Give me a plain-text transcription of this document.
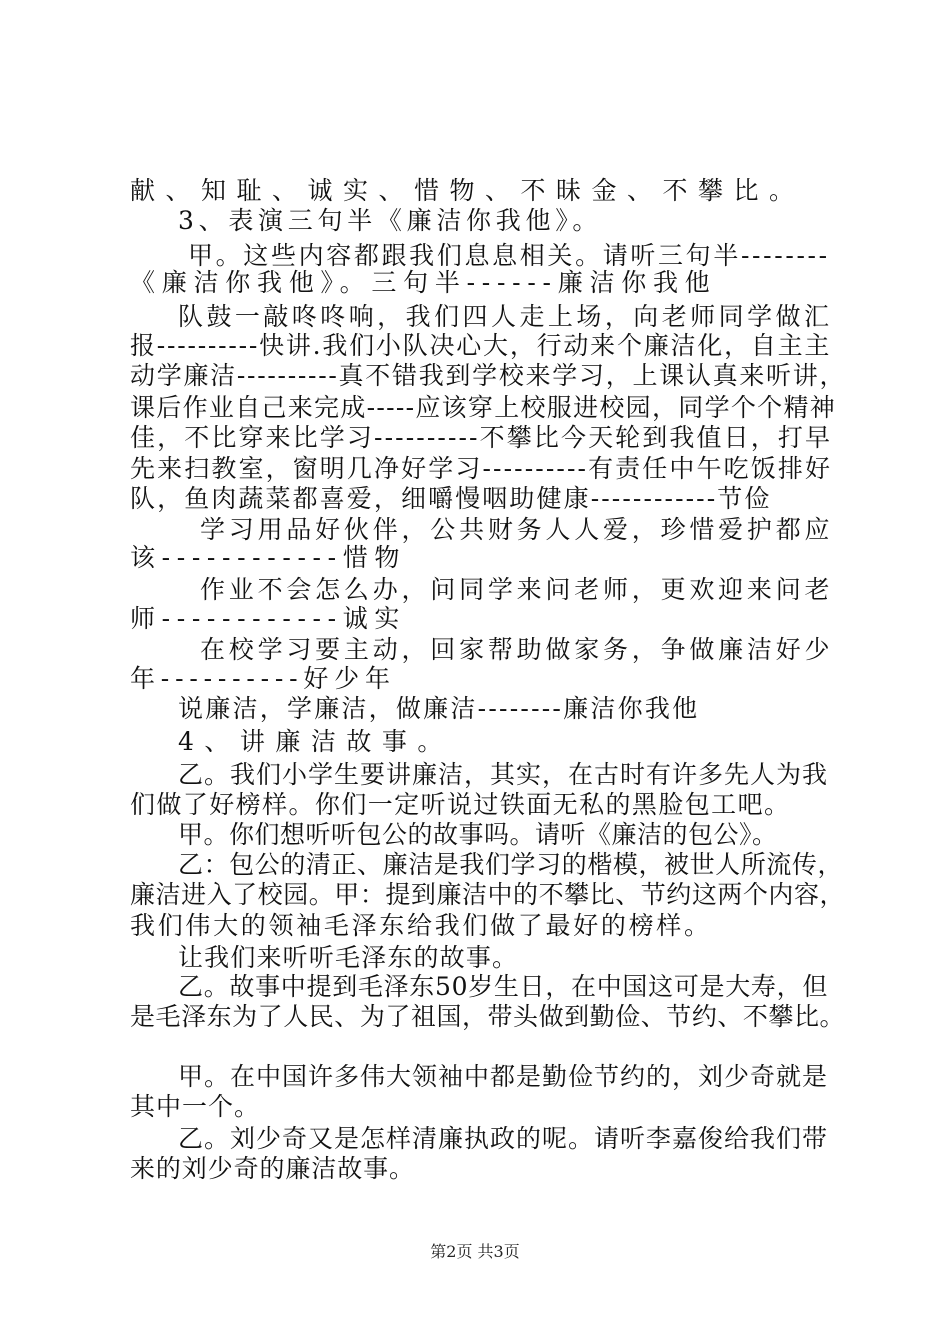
献、知耻、诚实、惜物、不昧金、不攀比。
3、表演三句半《廉洁你我他》。
甲。这些内容都跟我们息息相关。请听三句半--------
《廉洁你我他》。三句半------廉洁你我他
队鼓一敲咚咚响，我们四人走上场，向老师同学做汇
报----------快讲.我们小队决心大，行动来个廉洁化，自主主
动学廉洁----------真不错我到学校来学习，上课认真来听讲，
课后作业自己来完成-----应该穿上校服进校园，同学个个精神
佳，不比穿来比学习----------不攀比今天轮到我值日，打早
先来扫教室，窗明几净好学习----------有责任中午吃饭排好
队，鱼肉蔬菜都喜爱，细嚼慢咽助健康------------节俭
学习用品好伙伴，公共财务人人爱，珍惜爱护都应
该------------惜物
作业不会怎么办，问同学来问老师，更欢迎来问老
师------------诚实
在校学习要主动，回家帮助做家务，争做廉洁好少
年----------好少年
说廉洁，学廉洁，做廉洁--------廉洁你我他
4、讲廉洁故事。
乙。我们小学生要讲廉洁，其实，在古时有许多先人为我
们做了好榜样。你们一定听说过铁面无私的黑脸包工吧。
甲。你们想听听包公的故事吗。请听《廉洁的包公》。
乙：包公的清正、廉洁是我们学习的楷模，被世人所流传，
廉洁进入了校园。甲：提到廉洁中的不攀比、节约这两个内容，
我们伟大的领袖毛泽东给我们做了最好的榜样。
让我们来听听毛泽东的故事。
乙。故事中提到毛泽东50岁生日，在中国这可是大寿，但
是毛泽东为了人民、为了祖国，带头做到勤俭、节约、不攀比。
甲。在中国许多伟大领袖中都是勤俭节约的，刘少奇就是
其中一个。
乙。刘少奇又是怎样清廉执政的呢。请听李嘉俊给我们带
来的刘少奇的廉洁故事。
第2页 共3页
